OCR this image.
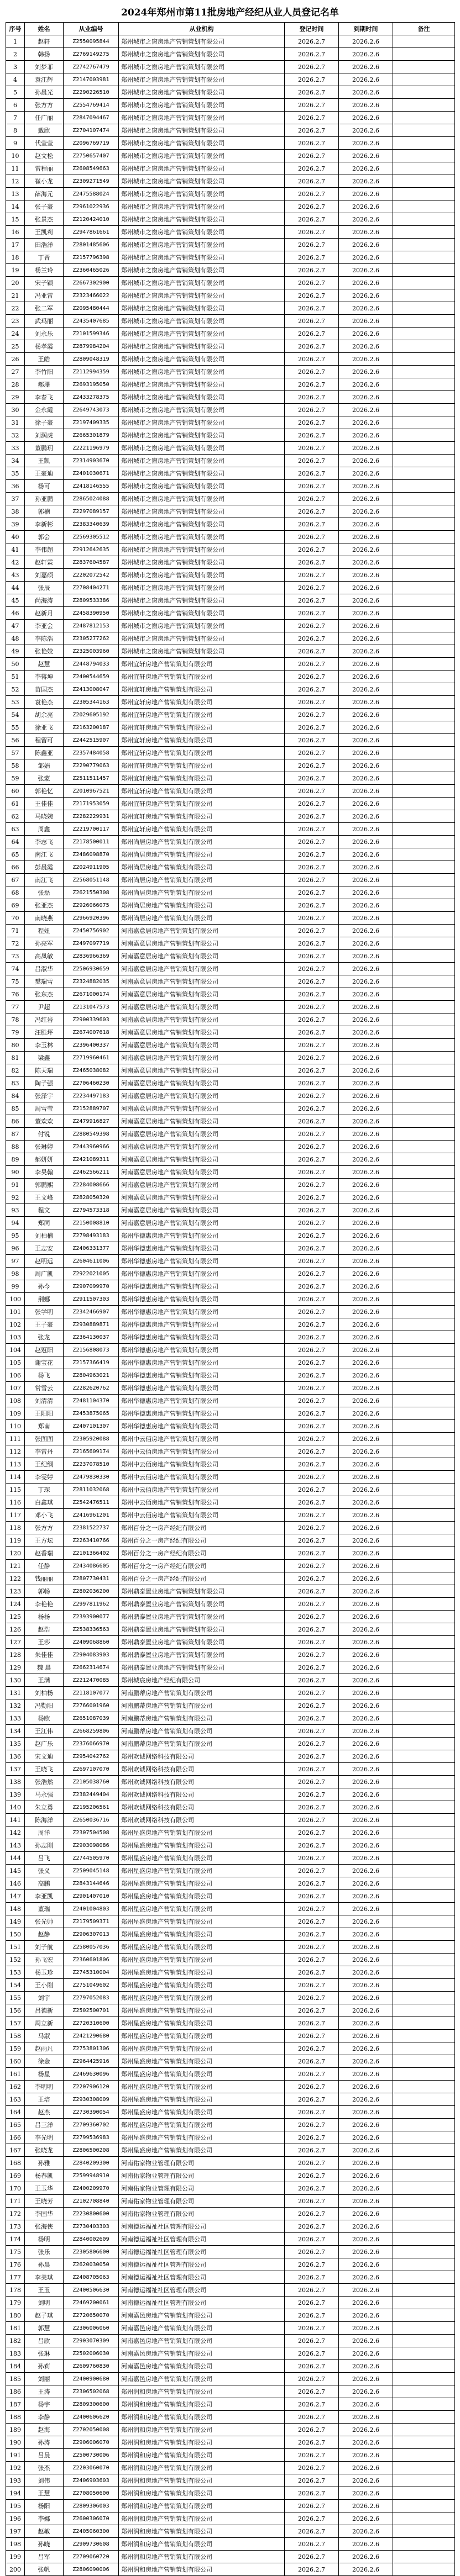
2024年郑州市第11批房地产经纪从业人员登记名单
序号	姓名	从业编号	从业机构	登记时间	到期时间	备注
1	赵轩	Z2550095844	郑州城市之窗房地产营销策划有限公司	2026.2.7	2026.2.6	
2	韩扬	Z2769149275	郑州城市之窗房地产营销策划有限公司	2026.2.7	2026.2.6	
3	刘梦菲	Z2742767479	郑州城市之窗房地产营销策划有限公司	2026.2.7	2026.2.6	
4	袁江辉	Z2147003981	郑州城市之窗房地产营销策划有限公司	2026.2.7	2026.2.6	
5	孙晨光	Z2290226510	郑州城市之窗房地产营销策划有限公司	2026.2.7	2026.2.6	
6	张方方	Z2554769414	郑州城市之窗房地产营销策划有限公司	2026.2.7	2026.2.6	
7	任广丽	Z2847094467	郑州城市之窗房地产营销策划有限公司	2026.2.7	2026.2.6	
8	戴欣	Z2704107474	郑州城市之窗房地产营销策划有限公司	2026.2.7	2026.2.6	
9	代莹莹	Z2096769719	郑州城市之窗房地产营销策划有限公司	2026.2.7	2026.2.6	
10	赵文松	Z2750657407	郑州城市之窗房地产营销策划有限公司	2026.2.7	2026.2.6	
11	雷程丽	Z2608549663	郑州城市之窗房地产营销策划有限公司	2026.2.7	2026.2.6	
12	崔小龙	Z2309271549	郑州城市之窗房地产营销策划有限公司	2026.2.7	2026.2.6	
13	薛海元	Z2475588024	郑州城市之窗房地产营销策划有限公司	2026.2.7	2026.2.6	
14	张子豪	Z2961022936	郑州城市之窗房地产营销策划有限公司	2026.2.7	2026.2.6	
15	张景杰	Z2120424010	郑州城市之窗房地产营销策划有限公司	2026.2.7	2026.2.6	
16	王凯莉	Z2947861661	郑州城市之窗房地产营销策划有限公司	2026.2.7	2026.2.6	
17	田浩洋	Z2801485606	郑州城市之窗房地产营销策划有限公司	2026.2.7	2026.2.6	
18	丁晋	Z2157796398	郑州城市之窗房地产营销策划有限公司	2026.2.7	2026.2.6	
19	杨兰玲	Z2360465026	郑州城市之窗房地产营销策划有限公司	2026.2.7	2026.2.6	
20	宋子颖	Z2667302900	郑州城市之窗房地产营销策划有限公司	2026.2.7	2026.2.6	
21	冯亚雷	Z2323466022	郑州城市之窗房地产营销策划有限公司	2026.2.7	2026.2.6	
22	张二军	Z2095480444	郑州城市之窗房地产营销策划有限公司	2026.2.7	2026.2.6	
23	武玛丽	Z2435407685	郑州城市之窗房地产营销策划有限公司	2026.2.7	2026.2.6	
24	刘永乐	Z2101599346	郑州城市之窗房地产营销策划有限公司	2026.2.7	2026.2.6	
25	杨孝霞	Z2879984204	郑州城市之窗房地产营销策划有限公司	2026.2.7	2026.2.6	
26	王皓	Z2809048319	郑州城市之窗房地产营销策划有限公司	2026.2.7	2026.2.6	
27	李竹阳	Z2112994359	郑州城市之窗房地产营销策划有限公司	2026.2.7	2026.2.6	
28	郝珊	Z2693195050	郑州城市之窗房地产营销策划有限公司	2026.2.7	2026.2.6	
29	李春飞	Z2433278375	郑州城市之窗房地产营销策划有限公司	2026.2.7	2026.2.6	
30	金永霞	Z2649743073	郑州城市之窗房地产营销策划有限公司	2026.2.7	2026.2.6	
31	徐子豪	Z2197409335	郑州城市之窗房地产营销策划有限公司	2026.2.7	2026.2.6	
32	刘润虎	Z2665301879	郑州城市之窗房地产营销策划有限公司	2026.2.7	2026.2.6	
33	董鹏玥	Z2221196979	郑州城市之窗房地产营销策划有限公司	2026.2.7	2026.2.6	
34	王凯	Z2314903670	郑州城市之窗房地产营销策划有限公司	2026.2.7	2026.2.6	
35	王豪迪	Z2401030671	郑州城市之窗房地产营销策划有限公司	2026.2.7	2026.2.6	
36	杨可	Z2418146555	郑州城市之窗房地产营销策划有限公司	2026.2.7	2026.2.6	
37	孙亚鹏	Z2865024088	郑州城市之窗房地产营销策划有限公司	2026.2.7	2026.2.6	
38	郭楠	Z2297089157	郑州城市之窗房地产营销策划有限公司	2026.2.7	2026.2.6	
39	李新彬	Z2383340639	郑州城市之窗房地产营销策划有限公司	2026.2.7	2026.2.6	
40	郭会	Z2569305512	郑州城市之窗房地产营销策划有限公司	2026.2.7	2026.2.6	
41	李伟超	Z2912642635	郑州城市之窗房地产营销策划有限公司	2026.2.7	2026.2.6	
42	赵轩霖	Z2837604587	郑州城市之窗房地产营销策划有限公司	2026.2.7	2026.2.6	
43	刘嘉硕	Z2202072542	郑州城市之窗房地产营销策划有限公司	2026.2.7	2026.2.6	
44	张辰	Z2708404271	郑州城市之窗房地产营销策划有限公司	2026.2.7	2026.2.6	
45	尚海涛	Z2809533386	郑州城市之窗房地产营销策划有限公司	2026.2.7	2026.2.6	
46	赵新月	Z2458390950	郑州城市之窗房地产营销策划有限公司	2026.2.7	2026.2.6	
47	李亚会	Z2487812153	郑州城市之窗房地产营销策划有限公司	2026.2.7	2026.2.6	
48	李陈浩	Z2305277262	郑州城市之窗房地产营销策划有限公司	2026.2.7	2026.2.6	
49	张艳姣	Z2325003960	郑州城市之窗房地产营销策划有限公司	2026.2.7	2026.2.6	
50	赵慧	Z2448794033	郑州宜轩房地产营销策划有限公司	2026.2.7	2026.2.6	
51	李蒋坤	Z2400544659	郑州宜轩房地产营销策划有限公司	2026.2.7	2026.2.6	
52	苗国杰	Z2413008047	郑州宜轩房地产营销策划有限公司	2026.2.7	2026.2.6	
53	袁艳杰	Z2305344163	郑州宜轩房地产营销策划有限公司	2026.2.7	2026.2.6	
54	胡余亮	Z2029605192	郑州宜轩房地产营销策划有限公司	2026.2.7	2026.2.6	
55	徐亚飞	Z2163200187	郑州宜轩房地产营销策划有限公司	2026.2.7	2026.2.6	
56	程留可	Z2442515907	郑州宜轩房地产营销策划有限公司	2026.2.7	2026.2.6	
57	陈鑫亚	Z2357484058	郑州宜轩房地产营销策划有限公司	2026.2.7	2026.2.6	
58	邹娟	Z2290779063	郑州宜轩房地产营销策划有限公司	2026.2.7	2026.2.6	
59	张蒙	Z2511511457	郑州宜轩房地产营销策划有限公司	2026.2.7	2026.2.6	
60	郭艳忆	Z2010967521	郑州宜轩房地产营销策划有限公司	2026.2.7	2026.2.6	
61	王佳佳	Z2171953059	郑州宜轩房地产营销策划有限公司	2026.2.7	2026.2.6	
62	马晓婉	Z2282229931	郑州宜轩房地产营销策划有限公司	2026.2.7	2026.2.6	
63	周鑫	Z2219700117	郑州宜轩房地产营销策划有限公司	2026.2.7	2026.2.6	
64	李志飞	Z2178500011	郑州尚居房地产营销策划有限公司	2026.2.7	2026.2.6	
65	南江飞	Z2486098870	郑州尚居房地产营销策划有限公司	2026.2.7	2026.2.6	
66	彭晨霞	Z2024911905	郑州尚居房地产营销策划有限公司	2026.2.7	2026.2.6	
67	南江飞	Z2568051148	郑州尚居房地产营销策划有限公司	2026.2.7	2026.2.6	
68	张磊	Z2621550308	郑州尚居房地产营销策划有限公司	2026.2.7	2026.2.6	
69	张亚杰	Z2926066075	郑州尚居房地产营销策划有限公司	2026.2.7	2026.2.6	
70	南晓燕	Z2966920396	郑州尚居房地产营销策划有限公司	2026.2.7	2026.2.6	
71	程妞	Z2450756902	河南嘉意居房地产营销策划有限公司	2026.2.7	2026.2.6	
72	孙亮军	Z2497097719	河南嘉意居房地产营销策划有限公司	2026.2.7	2026.2.6	
73	高凤敏	Z2836966369	河南嘉意居房地产营销策划有限公司	2026.2.7	2026.2.6	
74	吕淑华	Z2506930659	河南嘉意居房地产营销策划有限公司	2026.2.7	2026.2.6	
75	樊瑞雪	Z2324882035	河南嘉意居房地产营销策划有限公司	2026.2.7	2026.2.6	
76	张东杰	Z2671000174	河南嘉意居房地产营销策划有限公司	2026.2.7	2026.2.6	
77	尹超	Z2131047573	河南嘉意居房地产营销策划有限公司	2026.2.7	2026.2.6	
78	冯红岩	Z2900339603	河南嘉意居房地产营销策划有限公司	2026.2.7	2026.2.6	
79	汪胜坪	Z2674007618	河南嘉意居房地产营销策划有限公司	2026.2.7	2026.2.6	
80	李玉林	Z2396400337	河南嘉意居房地产营销策划有限公司	2026.2.7	2026.2.6	
81	梁鑫	Z2719960461	河南嘉意居房地产营销策划有限公司	2026.2.7	2026.2.6	
82	陈天瑞	Z2465038082	河南嘉意居房地产营销策划有限公司	2026.2.7	2026.2.6	
83	陶子强	Z2706460230	河南嘉意居房地产营销策划有限公司	2026.2.7	2026.2.6	
84	张泽宇	Z2234497183	河南嘉意居房地产营销策划有限公司	2026.2.7	2026.2.6	
85	周雪莹	Z2152889707	河南嘉意居房地产营销策划有限公司	2026.2.7	2026.2.6	
86	董欢欢	Z2479916827	河南嘉意居房地产营销策划有限公司	2026.2.7	2026.2.6	
87	付锐	Z2880549398	河南嘉意居房地产营销策划有限公司	2026.2.7	2026.2.6	
88	张琳婷	Z2443960966	河南嘉意居房地产营销策划有限公司	2026.2.7	2026.2.6	
89	郝妍妍	Z2421089311	河南嘉意居房地产营销策划有限公司	2026.2.7	2026.2.6	
90	李昊翰	Z2462566211	河南嘉意居房地产营销策划有限公司	2026.2.7	2026.2.6	
91	郭鹏熙	Z2284008666	河南嘉意居房地产营销策划有限公司	2026.2.7	2026.2.6	
92	王文峰	Z2828050320	河南嘉意居房地产营销策划有限公司	2026.2.7	2026.2.6	
93	程文	Z2794573318	河南嘉意居房地产营销策划有限公司	2026.2.7	2026.2.6	
94	郑同	Z2150008810	河南嘉意居房地产营销策划有限公司	2026.2.7	2026.2.6	
95	刘柏楠	Z2798493183	郑州华德惠房地产营销策划有限公司	2026.2.7	2026.2.6	
96	王志安	Z2406331377	郑州华德惠房地产营销策划有限公司	2026.2.7	2026.2.6	
97	赵明远	Z2604611006	郑州华德惠房地产营销策划有限公司	2026.2.7	2026.2.6	
98	周广凯	Z2922021005	郑州华德惠房地产营销策划有限公司	2026.2.7	2026.2.6	
99	孙今	Z2907099970	郑州华德惠房地产营销策划有限公司	2026.2.7	2026.2.6	
100	荆娜	Z2911507303	郑州华德惠房地产营销策划有限公司	2026.2.7	2026.2.6	
101	张学明	Z2342466907	郑州华德惠房地产营销策划有限公司	2026.2.7	2026.2.6	
102	王子豪	Z2930889871	郑州华德惠房地产营销策划有限公司	2026.2.7	2026.2.6	
103	张龙	Z2364130037	郑州华德惠房地产营销策划有限公司	2026.2.7	2026.2.6	
104	赵冠阳	Z2156808073	郑州华德惠房地产营销策划有限公司	2026.2.7	2026.2.6	
105	谢宝花	Z2157366419	郑州华德惠房地产营销策划有限公司	2026.2.7	2026.2.6	
106	杨飞	Z2804963021	郑州华德惠房地产营销策划有限公司	2026.2.7	2026.2.6	
107	常雪云	Z2282620762	郑州华德惠房地产营销策划有限公司	2026.2.7	2026.2.6	
108	刘清清	Z2481104370	郑州华德惠房地产营销策划有限公司	2026.2.7	2026.2.6	
109	王阳阳	Z2453875065	郑州华德惠房地产营销策划有限公司	2026.2.7	2026.2.6	
110	郑南	Z2407101307	郑州华德惠房地产营销策划有限公司	2026.2.7	2026.2.6	
111	张图图	Z2305920088	郑州中云佰房地产营销策划有限公司	2026.2.7	2026.2.6	
112	李雷丹	Z2165609174	郑州中云佰房地产营销策划有限公司	2026.2.7	2026.2.6	
113	王纪纲	Z2237078510	郑州中云佰房地产营销策划有限公司	2026.2.7	2026.2.6	
114	李雯婷	Z2479830330	郑州中云佰房地产营销策划有限公司	2026.2.7	2026.2.6	
115	丁琛	Z2811032068	郑州中云佰房地产营销策划有限公司	2026.2.7	2026.2.6	
116	白鑫琪	Z2542476511	郑州中云佰房地产营销策划有限公司	2026.2.7	2026.2.6	
117	邓小飞	Z2416961201	郑州中云佰房地产营销策划有限公司	2026.2.7	2026.2.6	
118	张方方	Z2381522737	郑州百分之一房产经纪有限公司	2026.2.7	2026.2.6	
119	王方坛	Z2263410766	郑州百分之一房产经纪有限公司	2026.2.7	2026.2.6	
120	赵香瑞	Z2101366402	郑州百分之一房产经纪有限公司	2026.2.7	2026.2.6	
121	任静	Z2434086605	郑州百分之一房产经纪有限公司	2026.2.7	2026.2.6	
122	钱丽丽	Z2807730431	郑州百分之一房产经纪有限公司	2026.2.7	2026.2.6	
123	郭畅	Z2802036200	郑州鼎泰置业房地产营销策划有限公司	2026.2.7	2026.2.6	
124	李艳艳	Z2997811962	郑州鼎泰置业房地产营销策划有限公司	2026.2.7	2026.2.6	
125	杨扬	Z2393900077	郑州鼎泰置业房地产营销策划有限公司	2026.2.7	2026.2.6	
126	赵浩	Z2538336563	郑州鼎泰置业房地产营销策划有限公司	2026.2.7	2026.2.6	
127	王莎	Z2409068860	郑州鼎泰置业房地产营销策划有限公司	2026.2.7	2026.2.6	
128	朱佳佳	Z2904083903	郑州鼎泰置业房地产营销策划有限公司	2026.2.7	2026.2.6	
129	魏 晨	Z2662314674	郑州鼎泰置业房地产营销策划有限公司	2026.2.7	2026.2.6	
130	王满	Z2212470085	郑州城宸房地产经纪有限公司	2026.2.7	2026.2.6	
131	刘柏杨	Z2118107077	河南鹏蒂房地产营销策划有限公司	2026.2.7	2026.2.6	
132	冯勤阳	Z2766001960	河南鹏蒂房地产营销策划有限公司	2026.2.7	2026.2.6	
133	杨欧	Z2651087039	河南鹏蒂房地产营销策划有限公司	2026.2.7	2026.2.6	
134	王江伟	Z2668259806	河南鹏蒂房地产营销策划有限公司	2026.2.7	2026.2.6	
135	赵广乐	Z2376066970	河南鹏蒂房地产营销策划有限公司	2026.2.7	2026.2.6	
136	宋文迪	Z2954042762	郑州欢诚网络科技有限公司	2026.2.7	2026.2.6	
137	王晓飞	Z2697107070	郑州欢诚网络科技有限公司	2026.2.7	2026.2.6	
138	张浩然	Z2105038760	郑州欢诚网络科技有限公司	2026.2.7	2026.2.6	
139	马永强	Z2382449404	郑州欢诚网络科技有限公司	2026.2.7	2026.2.6	
140	朱立勇	Z2195206561	郑州欢诚网络科技有限公司	2026.2.7	2026.2.6	
141	陈海洋	Z2650036716	郑州欢诚网络科技有限公司	2026.2.7	2026.2.6	
142	周洋	Z2307504508	郑州星盛房地产营销策划有限公司	2026.2.7	2026.2.6	
143	孙志刚	Z2903098086	郑州星盛房地产营销策划有限公司	2026.2.7	2026.2.6	
144	吕飞	Z2744505970	郑州星盛房地产营销策划有限公司	2026.2.7	2026.2.6	
145	张义	Z2509045148	郑州星盛房地产营销策划有限公司	2026.2.7	2026.2.6	
146	高鹏	Z2843144646	郑州星盛房地产营销策划有限公司	2026.2.7	2026.2.6	
147	李亚凯	Z2901407010	郑州星盛房地产营销策划有限公司	2026.2.7	2026.2.6	
148	董瑞	Z2401004803	郑州星盛房地产营销策划有限公司	2026.2.7	2026.2.6	
149	张光帅	Z2179509371	郑州星盛房地产营销策划有限公司	2026.2.7	2026.2.6	
150	赵静	Z2906307013	郑州星盛房地产营销策划有限公司	2026.2.7	2026.2.6	
151	刘子航	Z2580057036	郑州星盛房地产营销策划有限公司	2026.2.7	2026.2.6	
152	孙飞宏	Z2360601806	郑州星盛房地产营销策划有限公司	2026.2.7	2026.2.6	
153	杨玉珍	Z2745310004	郑州星盛房地产营销策划有限公司	2026.2.7	2026.2.6	
154	王小刚	Z2751049602	郑州星盛房地产营销策划有限公司	2026.2.7	2026.2.6	
155	刘宇	Z2797052083	郑州星盛房地产营销策划有限公司	2026.2.7	2026.2.6	
156	吕德新	Z2502500701	郑州星盛房地产营销策划有限公司	2026.2.7	2026.2.6	
157	周立新	Z2720310600	郑州星盛房地产营销策划有限公司	2026.2.7	2026.2.6	
158	马淑	Z2421290680	郑州星盛房地产营销策划有限公司	2026.2.7	2026.2.6	
159	赵雨凡	Z2753801306	郑州星盛房地产营销策划有限公司	2026.2.7	2026.2.6	
160	徐金	Z2964425916	郑州星盛房地产营销策划有限公司	2026.2.7	2026.2.6	
161	杨星	Z2469630096	郑州星盛房地产营销策划有限公司	2026.2.7	2026.2.6	
162	李明明	Z2207906120	郑州星盛房地产营销策划有限公司	2026.2.7	2026.2.6	
163	王培	Z2930308009	郑州星盛房地产营销策划有限公司	2026.2.7	2026.2.6	
164	赵杰	Z2730390054	郑州星盛房地产营销策划有限公司	2026.2.7	2026.2.6	
165	吕三洋	Z2709360702	郑州星盛房地产营销策划有限公司	2026.2.7	2026.2.6	
166	李光明	Z2799536983	郑州星盛房地产营销策划有限公司	2026.2.7	2026.2.6	
167	张晓龙	Z2806500208	郑州星盛房地产营销策划有限公司	2026.2.7	2026.2.6	
168	孙雅	Z2840209300	河南佑家物业管理有限公司	2026.2.7	2026.2.6	
169	杨春凯	Z2599948910	河南佑家物业管理有限公司	2026.2.7	2026.2.6	
170	王玉华	Z2400209970	河南佑家物业管理有限公司	2026.2.7	2026.2.6	
171	王晓芳	Z2102708840	河南佑家物业管理有限公司	2026.2.7	2026.2.6	
172	李国华	Z2230800600	河南佑家物业管理有限公司	2026.2.7	2026.2.6	
173	张海侠	Z2730403303	河南德运福祉社区管理有限公司	2026.2.7	2026.2.6	
174	杨明	Z2840002609	河南德运福祉社区管理有限公司	2026.2.7	2026.2.6	
175	张乐	Z2305806600	河南德运福祉社区管理有限公司	2026.2.7	2026.2.6	
176	孙晨	Z2620030050	河南德运福祉社区管理有限公司	2026.2.7	2026.2.6	
177	李美琪	Z2408705063	河南德运福祉社区管理有限公司	2026.2.7	2026.2.6	
178	王玉	Z2400506630	河南德运福祉社区管理有限公司	2026.2.7	2026.2.6	
179	刘明	Z2469200061	河南德运福祉社区管理有限公司	2026.2.7	2026.2.6	
180	赵子琪	Z2720650070	河南嘉邑房地产营销策划有限公司	2026.2.7	2026.2.6	
181	郭慧	Z2306006060	河南嘉邑房地产营销策划有限公司	2026.2.7	2026.2.6	
182	吕欣	Z2903070309	河南嘉邑房地产营销策划有限公司	2026.2.7	2026.2.6	
183	张琳	Z2502006030	河南嘉邑房地产营销策划有限公司	2026.2.7	2026.2.6	
184	孙莉	Z2609760830	河南嘉邑房地产营销策划有限公司	2026.2.7	2026.2.6	
185	刘丽	Z2400900680	河南嘉邑房地产营销策划有限公司	2026.2.7	2026.2.6	
186	王涛	Z2306502068	郑州润和房地产营销策划有限公司	2026.2.7	2026.2.6	
187	杨宇	Z2809300600	郑州润和房地产营销策划有限公司	2026.2.7	2026.2.6	
188	李静	Z2400606620	郑州润和房地产营销策划有限公司	2026.2.7	2026.2.6	
189	赵海	Z2702050008	郑州润和房地产营销策划有限公司	2026.2.7	2026.2.6	
190	孙涛	Z2906006070	郑州润和房地产营销策划有限公司	2026.2.7	2026.2.6	
191	吕晨	Z2500730006	郑州润和房地产营销策划有限公司	2026.2.7	2026.2.6	
192	张杰	Z2203060070	郑州润和房地产营销策划有限公司	2026.2.7	2026.2.6	
193	刘伟	Z2406903603	郑州润和房地产营销策划有限公司	2026.2.7	2026.2.6	
194	王慧	Z2708050600	郑州润和房地产营销策划有限公司	2026.2.7	2026.2.6	
195	杨阳	Z2809306003	郑州润和房地产营销策划有限公司	2026.2.7	2026.2.6	
196	李娜	Z2600306070	郑州润和房地产营销策划有限公司	2026.2.7	2026.2.6	
197	赵敏	Z2405060300	郑州润和房地产营销策划有限公司	2026.2.7	2026.2.6	
198	孙晓	Z2909730608	郑州润和房地产营销策划有限公司	2026.2.7	2026.2.6	
199	吕军	Z2709060720	郑州润和房地产营销策划有限公司	2026.2.7	2026.2.6	
200	张帆	Z2806090006	郑州润和房地产营销策划有限公司	2026.2.7	2026.2.6	
